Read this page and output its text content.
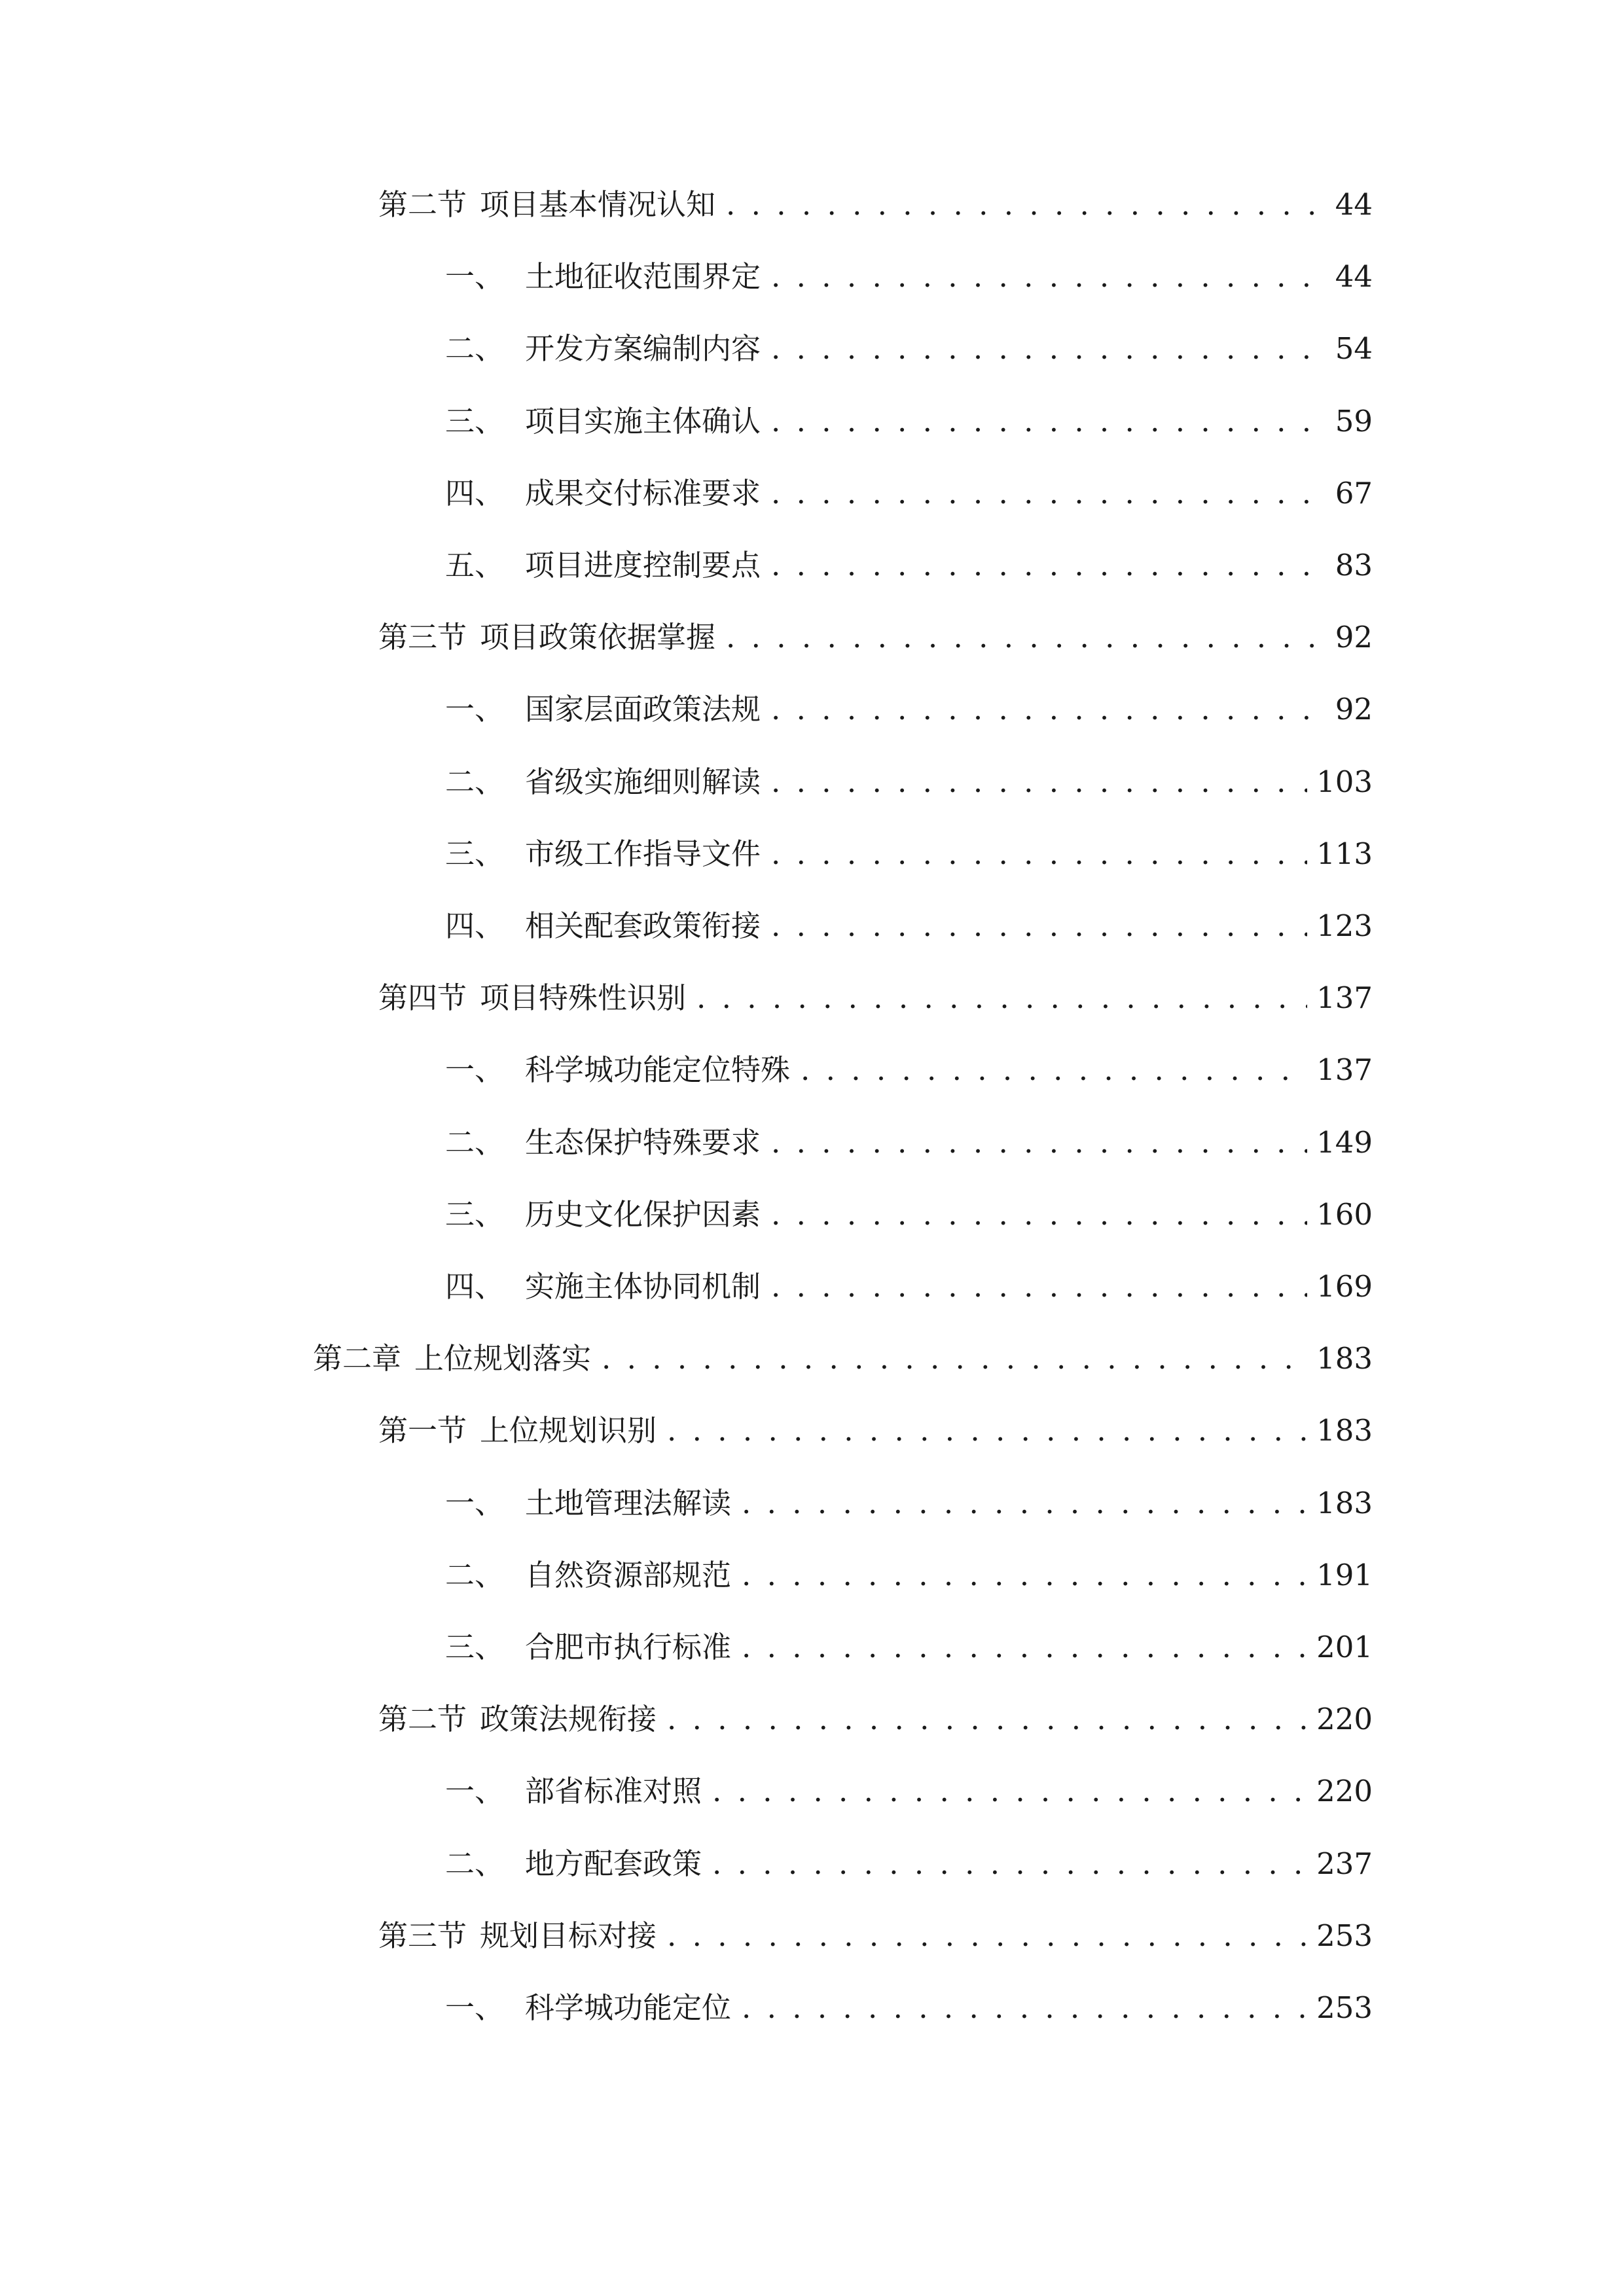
第二节 项目基本情况认知 . . .	44
一、 土地征收范围界定 . . .	44
二、 开发方案编制内容 . . .	54
三、 项目实施主体确认 . . .	59
四、 成果交付标准要求 . . .	67
五、 项目进度控制要点 . . .	83
第三节 项目政策依据掌握 . . .	92
一、 国家层面政策法规 . . .	92
二、 省级实施细则解读 . . .	103
三、 市级工作指导文件 . . .	113
四、 相关配套政策衔接 . . .	123
第四节 项目特殊性识别 . . .	137
一、 科学城功能定位特殊 . . .	137
二、 生态保护特殊要求 . . .	149
三、 历史文化保护因素 . . .	160
四、 实施主体协同机制 . . .	169
第二章 上位规划落实 . . .	183
第一节 上位规划识别 . . .	183
一、 土地管理法解读 . . .	183
二、 自然资源部规范 . . .	191
三、 合肥市执行标准 . . .	201
第二节 政策法规衔接 . . .	220
一、 部省标准对照 . . .	220
二、 地方配套政策 . . .	237
第三节 规划目标对接 . . .	253
一、 科学城功能定位 . . .	253
